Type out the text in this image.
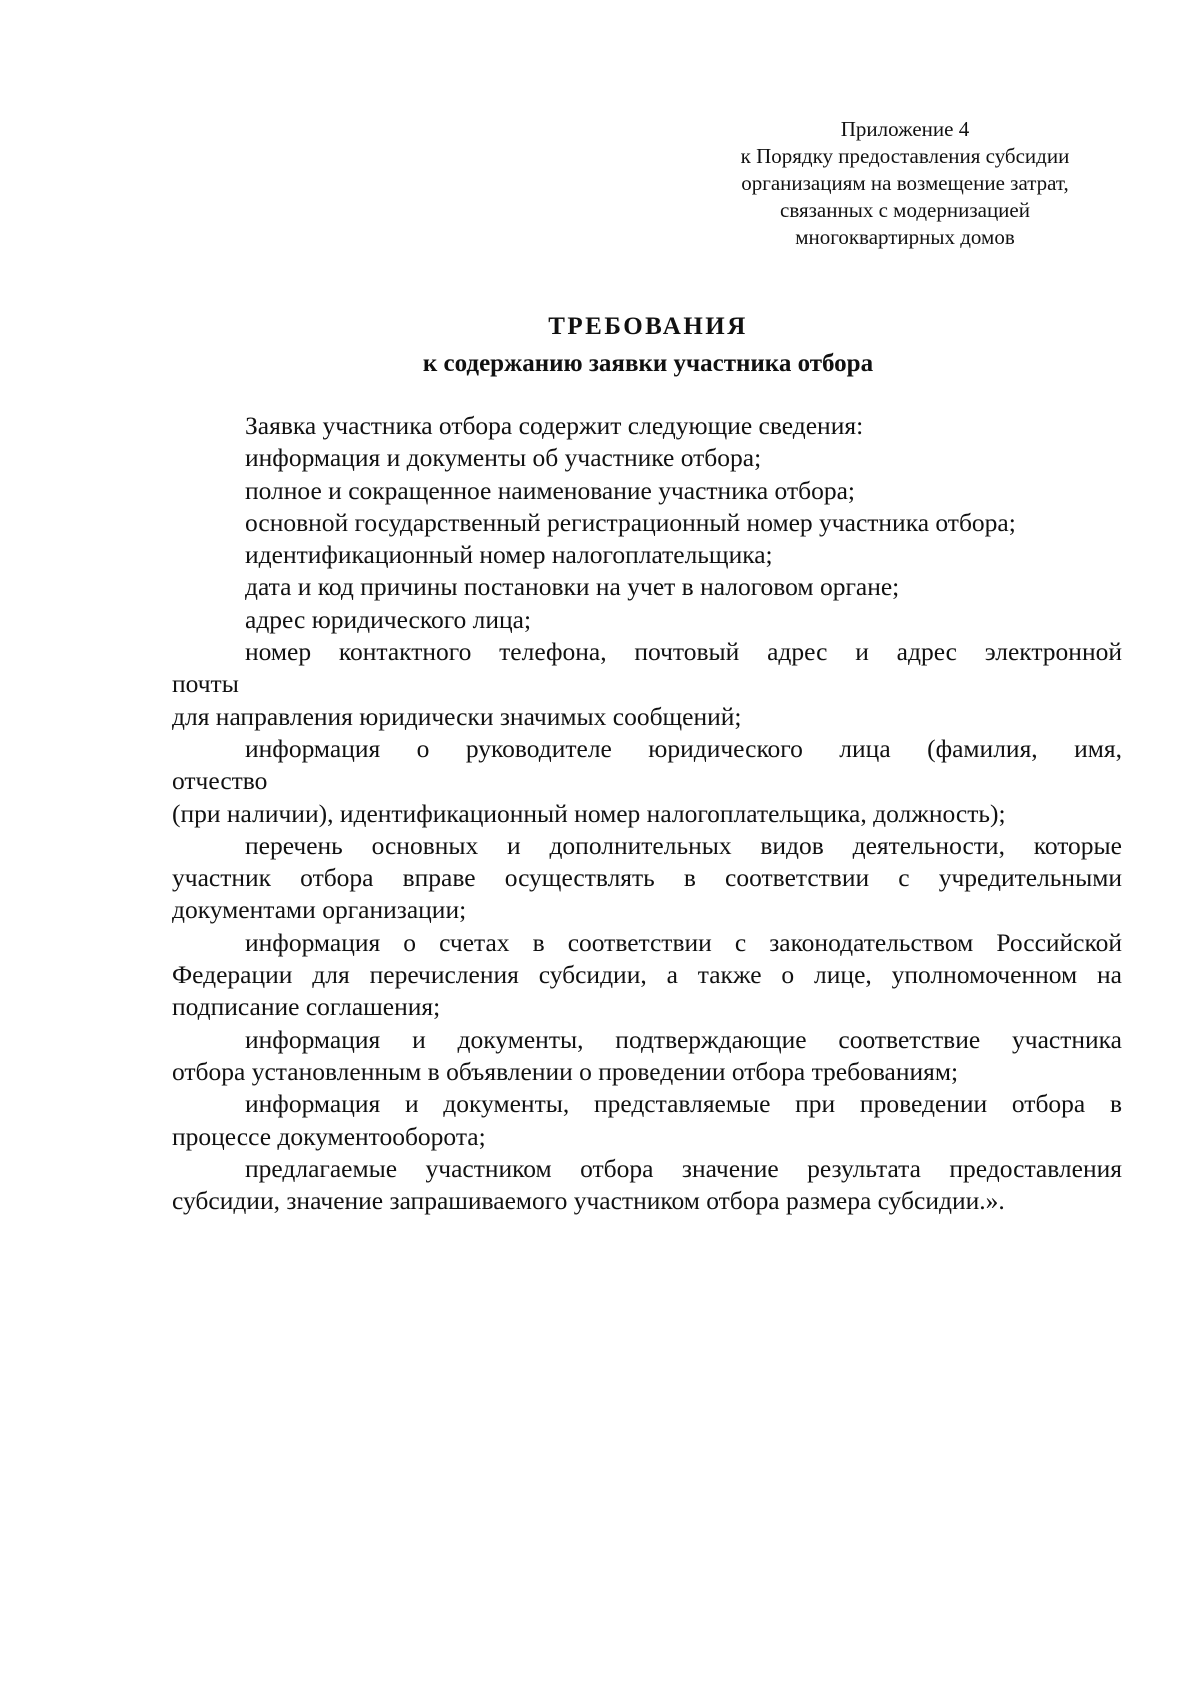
Приложение 4
к Порядку предоставления субсидии
организациям на возмещение затрат,
связанных с модернизацией
многоквартирных домов
ТРЕБОВАНИЯ
к содержанию заявки участника отбора

Заявка участника отбора содержит следующие сведения:

информация и документы об участнике отбора;

полное и сокращенное наименование участника отбора;

основной государственный регистрационный номер участника отбора;

идентификационный номер налогоплательщика;

дата и код причины постановки на учет в налоговом органе;

адрес юридического лица;

номер контактного телефона, почтовый адрес и адрес электронной

почты

для направления юридически значимых сообщений;

информация о руководителе юридического лица (фамилия, имя,

отчество

(при наличии), идентификационный номер налогоплательщика, должность);

перечень основных и дополнительных видов деятельности, которые

участник отбора вправе осуществлять в соответствии с учредительными

документами организации;

информация о счетах в соответствии с законодательством Российской

Федерации для перечисления субсидии, а также о лице, уполномоченном на

подписание соглашения;

информация и документы, подтверждающие соответствие участника

отбора установленным в объявлении о проведении отбора требованиям;

информация и документы, представляемые при проведении отбора в

процессе документооборота;

предлагаемые участником отбора значение результата предоставления

субсидии, значение запрашиваемого участником отбора размера субсидии.».
